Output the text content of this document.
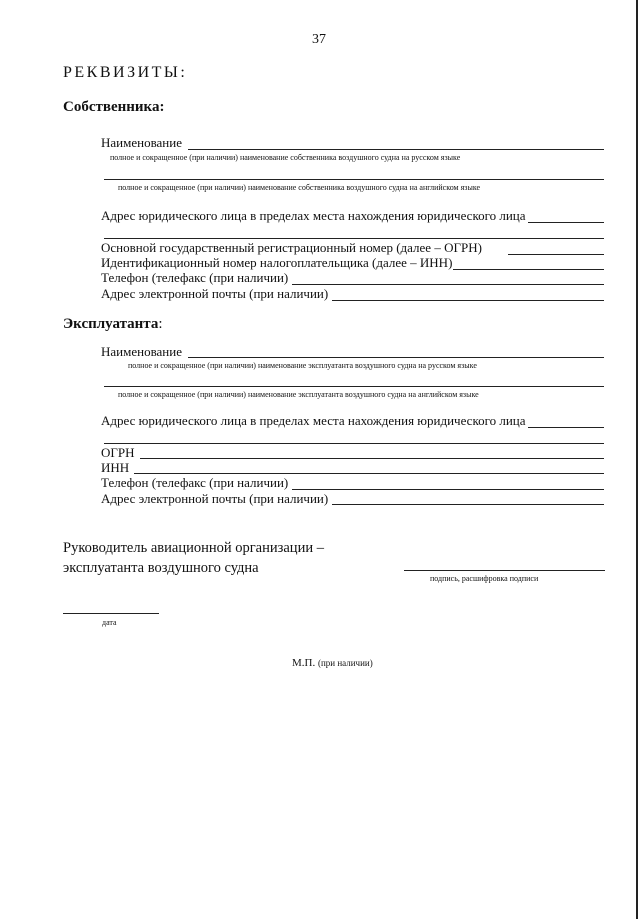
37
РЕКВИЗИТЫ:
Собственника:
Наименование
полное и сокращенное (при наличии) наименование собственника воздушного судна на русском языке
полное и сокращенное (при наличии) наименование собственника воздушного судна на английском языке
Адрес юридического лица в пределах места нахождения юридического лица
Основной государственный регистрационный номер (далее – ОГРН)
Идентификационный номер налогоплательщика (далее – ИНН)
Телефон (телефакс (при наличии)
Адрес электронной почты (при наличии)
Эксплуатанта:
Наименование
полное и сокращенное (при наличии) наименование эксплуатанта воздушного судна на русском языке
полное и сокращенное (при наличии) наименование эксплуатанта воздушного судна на английском языке
Адрес юридического лица в пределах места нахождения юридического лица
ОГРН
ИНН
Телефон (телефакс (при наличии)
Адрес электронной почты (при наличии)
Руководитель авиационной организации –
эксплуатанта воздушного судна
подпись, расшифровка подписи
дата
М.П. (при наличии)
